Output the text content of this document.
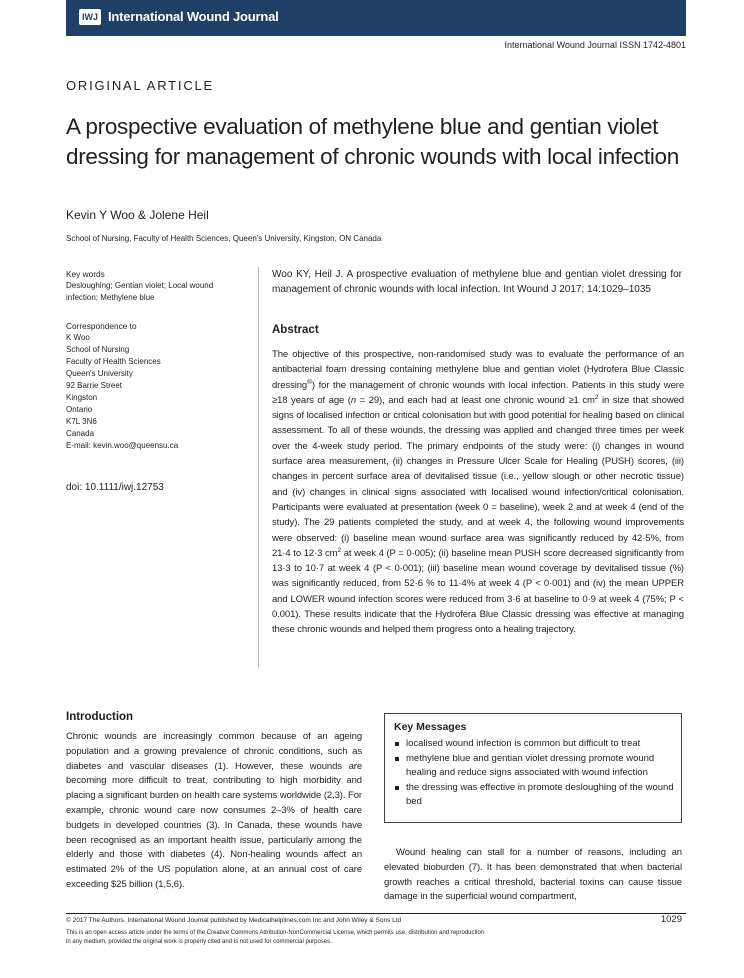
IWJ International Wound Journal
International Wound Journal ISSN 1742-4801
ORIGINAL ARTICLE
A prospective evaluation of methylene blue and gentian violet dressing for management of chronic wounds with local infection
Kevin Y Woo & Jolene Heil
School of Nursing, Faculty of Health Sciences, Queen's University, Kingston, ON Canada
Key words
Desloughing; Gentian violet; Local wound
infection; Methylene blue
Correspondence to
K Woo
School of Nursing
Faculty of Health Sciences
Queen's University
92 Barrie Street
Kingston
Ontario
K7L 3N6
Canada
E-mail: kevin.woo@queensu.ca
doi: 10.1111/iwj.12753
Woo KY, Heil J. A prospective evaluation of methylene blue and gentian violet dressing for management of chronic wounds with local infection. Int Wound J 2017; 14:1029–1035
Abstract
The objective of this prospective, non-randomised study was to evaluate the performance of an antibacterial foam dressing containing methylene blue and gentian violet (Hydrofera Blue Classic dressing®) for the management of chronic wounds with local infection. Patients in this study were ≥18 years of age (n = 29), and each had at least one chronic wound ≥1 $cm^2$ in size that showed signs of localised infection or critical colonisation but with good potential for healing based on clinical assessment. To all of these wounds, the dressing was applied and changed three times per week over the 4-week study period. The primary endpoints of the study were: (i) changes in wound surface area measurement, (ii) changes in Pressure Ulcer Scale for Healing (PUSH) scores, (iii) changes in percent surface area of devitalised tissue (i.e., yellow slough or other necrotic tissue) and (iv) changes in clinical signs associated with localised wound infection/critical colonisation. Participants were evaluated at presentation (week 0 = baseline), week 2 and at week 4 (end of the study). The 29 patients completed the study, and at week 4, the following wound improvements were observed: (i) baseline mean wound surface area was significantly reduced by 42·5%, from 21·4 to 12·3 $cm^2$ at week 4 (P = 0·005); (ii) baseline mean PUSH score decreased significantly from 13·3 to 10·7 at week 4 (P < 0·001); (iii) baseline mean wound coverage by devitalised tissue (%) was significantly reduced, from 52·6 % to 11·4% at week 4 (P < 0·001) and (iv) the mean UPPER and LOWER wound infection scores were reduced from 3·6 at baseline to 0·9 at week 4 (75%; P < 0.001). These results indicate that the Hydrofera Blue Classic dressing was effective at managing these chronic wounds and helped them progress onto a healing trajectory.
Introduction
Chronic wounds are increasingly common because of an ageing population and a growing prevalence of chronic conditions, such as diabetes and vascular diseases (1). However, these wounds are becoming more difficult to treat, contributing to high morbidity and placing a significant burden on health care systems worldwide (2,3). For example, chronic wound care now consumes 2–3% of health care budgets in developed countries (3). In Canada, these wounds have been recognised as an important health issue, particularly among the elderly and those with diabetes (4). Non-healing wounds affect an estimated 2% of the US population alone, at an annual cost of care exceeding $25 billion (1,5,6).
Key Messages
localised wound infection is common but difficult to treat
methylene blue and gentian violet dressing promote wound healing and reduce signs associated with wound infection
the dressing was effective in promote desloughing of the wound bed
Wound healing can stall for a number of reasons, including an elevated bioburden (7). It has been demonstrated that when bacterial growth reaches a critical threshold, bacterial toxins can cause tissue damage in the superficial wound compartment,
© 2017 The Authors. International Wound Journal published by Medicalhelplines.com Inc and John Wiley & Sons Ltd	1029
This is an open access article under the terms of the Creative Commons Attribution-NonCommercial License, which permits use, distribution and reproduction
in any medium, provided the original work is properly cited and is not used for commercial purposes.
